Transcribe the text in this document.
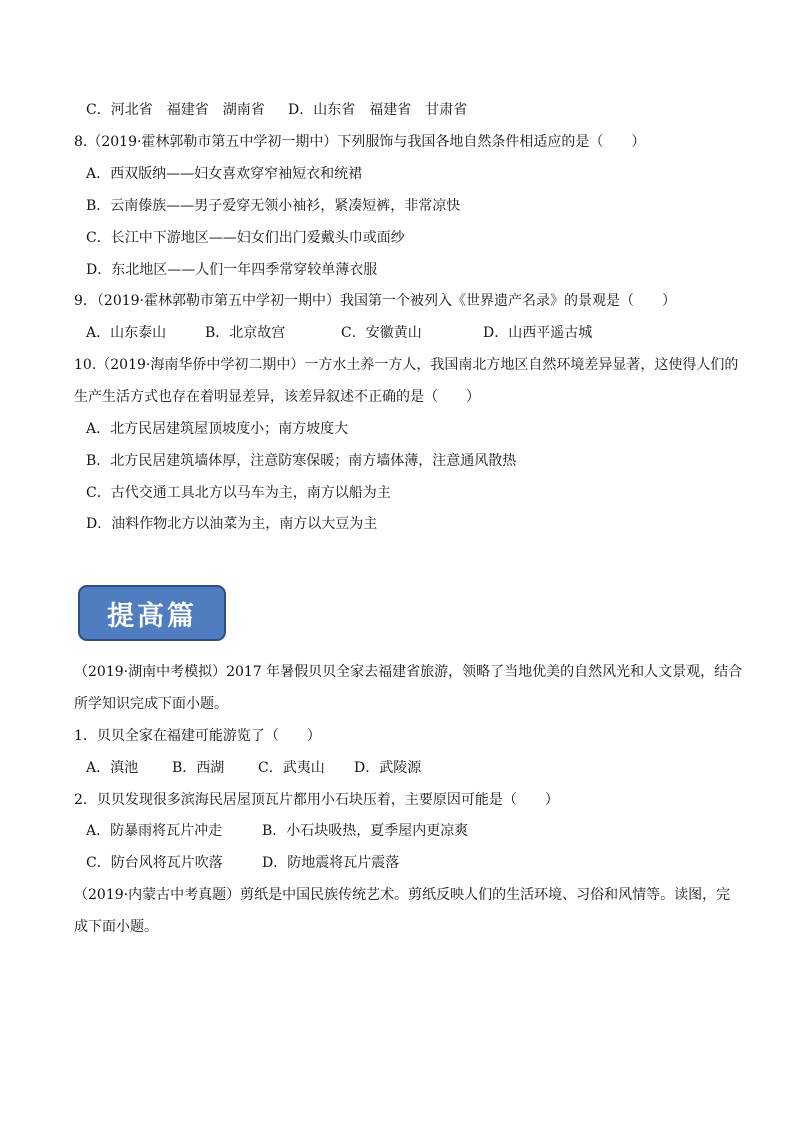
C．河北省　福建省　湖南省 D．山东省　福建省　甘肃省
8.（2019·霍林郭勒市第五中学初一期中）下列服饰与我国各地自然条件相适应的是（　　）
A．西双版纳——妇女喜欢穿窄袖短衣和统裙
B．云南傣族——男子爱穿无领小袖衫，紧凑短裤，非常凉快
C．长江中下游地区——妇女们出门爱戴头巾或面纱
D．东北地区——人们一年四季常穿较单薄衣服
9．（2019·霍林郭勒市第五中学初一期中）我国第一个被列入《世界遗产名录》的景观是（　　）
A．山东泰山	B．北京故宫	C．安徽黄山	D．山西平遥古城
10.（2019·海南华侨中学初二期中）一方水土养一方人，我国南北方地区自然环境差异显著，这使得人们的
生产生活方式也存在着明显差异，该差异叙述不正确的是（　　）
A．北方民居建筑屋顶坡度小；南方坡度大
B．北方民居建筑墙体厚，注意防寒保暖；南方墙体薄，注意通风散热
C．古代交通工具北方以马车为主，南方以船为主
D．油料作物北方以油菜为主，南方以大豆为主
提高篇
（2019·湖南中考模拟）2017 年暑假贝贝全家去福建省旅游，领略了当地优美的自然风光和人文景观，结合
所学知识完成下面小题。
1．贝贝全家在福建可能游览了（　　）
A．滇池 B．西湖 C．武夷山 D．武陵源
2．贝贝发现很多滨海民居屋顶瓦片都用小石块压着，主要原因可能是（　　）
A．防暴雨将瓦片冲走	B．小石块吸热，夏季屋内更凉爽
C．防台风将瓦片吹落	D．防地震将瓦片震落
（2019·内蒙古中考真题）剪纸是中国民族传统艺术。剪纸反映人们的生活环境、习俗和风情等。读图，完
成下面小题。
